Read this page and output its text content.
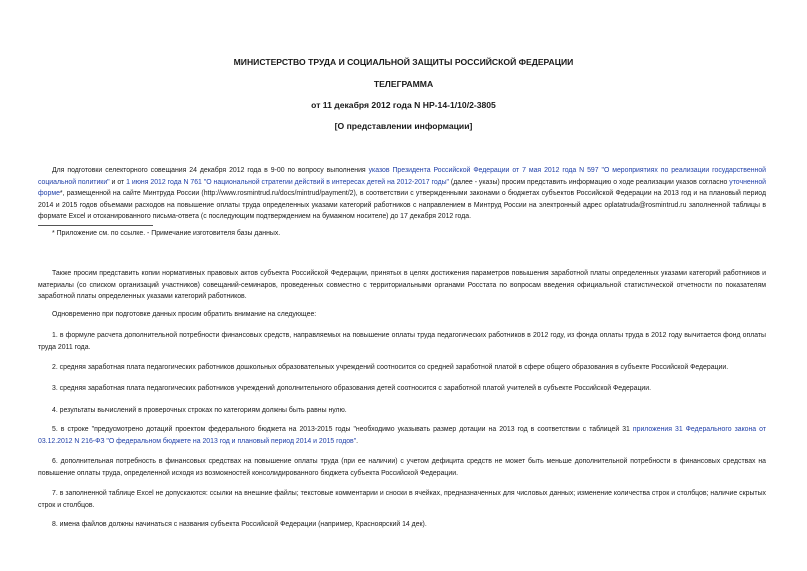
МИНИСТЕРСТВО ТРУДА И СОЦИАЛЬНОЙ ЗАЩИТЫ РОССИЙСКОЙ ФЕДЕРАЦИИ
ТЕЛЕГРАММА
от 11 декабря 2012 года N НР-14-1/10/2-3805
[О представлении информации]
Для подготовки селекторного совещания 24 декабря 2012 года в 9-00 по вопросу выполнения указов Президента Российской Федерации от 7 мая 2012 года N 597 "О мероприятиях по реализации государственной социальной политики" и от 1 июня 2012 года N 761 "О национальной стратегии действий в интересах детей на 2012-2017 годы" (далее - указы) просим представить информацию о ходе реализации указов согласно уточненной форме*, размещенной на сайте Минтруда России (http://www.rosmintrud.ru/docs/mintrud/payment/2), в соответствии с утвержденными законами о бюджетах субъектов Российской Федерации на 2013 год и на плановый период 2014 и 2015 годов объемами расходов на повышение оплаты труда определенных указами категорий работников с направлением в Минтруд России на электронный адрес oplatatruda@rosmintrud.ru заполненной таблицы в формате Excel и отсканированного письма-ответа (с последующим подтверждением на бумажном носителе) до 17 декабря 2012 года.
* Приложение см. по ссылке. - Примечание изготовителя базы данных.
Также просим представить копии нормативных правовых актов субъекта Российской Федерации, принятых в целях достижения параметров повышения заработной платы определенных указами категорий работников и материалы (со списком организаций участников) совещаний-семинаров, проведенных совместно с территориальными органами Росстата по вопросам введения официальной статистической отчетности по показателям заработной платы определенных указами категорий работников.
Одновременно при подготовке данных просим обратить внимание на следующее:
1. в формуле расчета дополнительной потребности финансовых средств, направляемых на повышение оплаты труда педагогических работников в 2012 году, из фонда оплаты труда в 2012 году вычитается фонд оплаты труда 2011 года.
2. средняя заработная плата педагогических работников дошкольных образовательных учреждений соотносится со средней заработной платой в сфере общего образования в субъекте Российской Федерации.
3. средняя заработная плата педагогических работников учреждений дополнительного образования детей соотносится с заработной платой учителей в субъекте Российской Федерации.
4. результаты вычислений в проверочных строках по категориям должны быть равны нулю.
5. в строке "предусмотрено дотаций проектом федерального бюджета на 2013-2015 годы "необходимо указывать размер дотации на 2013 год в соответствии с таблицей 31 приложения 31 Федерального закона от 03.12.2012 N 216-ФЗ "О федеральном бюджете на 2013 год и плановый период 2014 и 2015 годов".
6. дополнительная потребность в финансовых средствах на повышение оплаты труда (при ее наличии) с учетом дефицита средств не может быть меньше дополнительной потребности в финансовых средствах на повышение оплаты труда, определенной исходя из возможностей консолидированного бюджета субъекта Российской Федерации.
7. в заполненной таблице Excel не допускаются: ссылки на внешние файлы; текстовые комментарии и сноски в ячейках, предназначенных для числовых данных; изменение количества строк и столбцов; наличие скрытых строк и столбцов.
8. имена файлов должны начинаться с названия субъекта Российской Федерации (например, Красноярский 14 дек).
